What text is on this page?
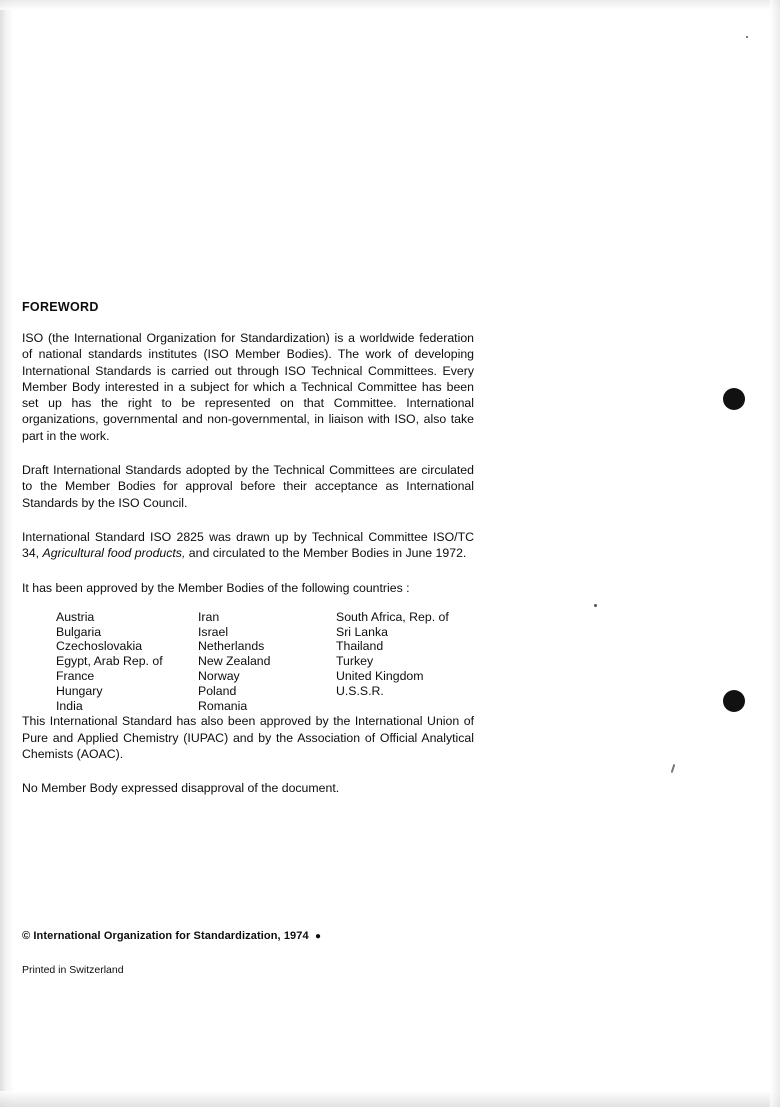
FOREWORD

ISO (the International Organization for Standardization) is a worldwide federation of national standards institutes (ISO Member Bodies). The work of developing International Standards is carried out through ISO Technical Committees. Every Member Body interested in a subject for which a Technical Committee has been set up has the right to be represented on that Committee. International organizations, governmental and non-governmental, in liaison with ISO, also take part in the work.

Draft International Standards adopted by the Technical Committees are circulated to the Member Bodies for approval before their acceptance as International Standards by the ISO Council.

International Standard ISO 2825 was drawn up by Technical Committee ISO/TC 34, Agricultural food products, and circulated to the Member Bodies in June 1972.

It has been approved by the Member Bodies of the following countries :

Austria	Iran	South Africa, Rep. of
Bulgaria	Israel	Sri Lanka
Czechoslovakia	Netherlands	Thailand
Egypt, Arab Rep. of	New Zealand	Turkey
France	Norway	United Kingdom
Hungary	Poland	U.S.S.R.
India	Romania

This International Standard has also been approved by the International Union of Pure and Applied Chemistry (IUPAC) and by the Association of Official Analytical Chemists (AOAC).

No Member Body expressed disapproval of the document.

© International Organization for Standardization, 1974 ●

Printed in Switzerland
